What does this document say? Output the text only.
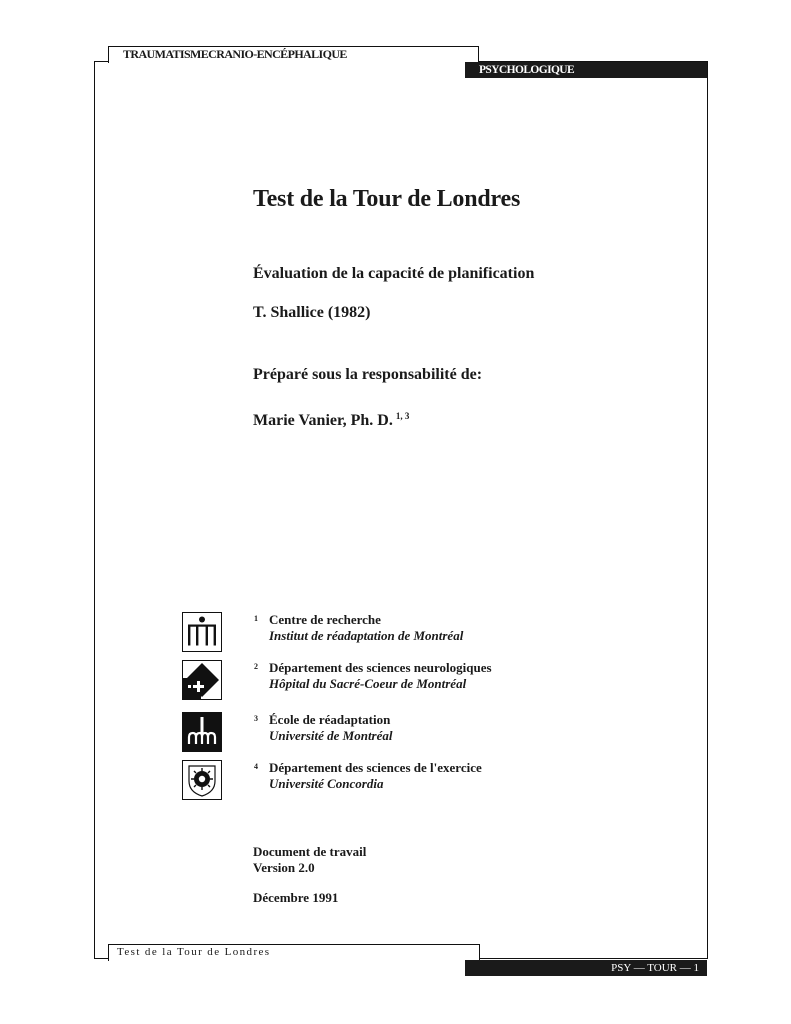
TRAUMATISMECRANIO-ENCÉPHALIQUE
PSYCHOLOGIQUE
Test de la Tour de Londres

Évaluation de la capacité de planification

T. Shallice (1982)

Préparé sous la responsabilité de:

Marie Vanier, Ph. D. $^{1, 3}$

1 Centre de recherche
Institut de réadaptation de Montréal
2 Département des sciences neurologiques
Hôpital du Sacré-Coeur de Montréal
3 École de réadaptation
Université de Montréal
4 Département des sciences de l'exercice
Université Concordia
Document de travail
Version 2.0
Décembre 1991
Test de la Tour de Londres
PSY — TOUR — 1
